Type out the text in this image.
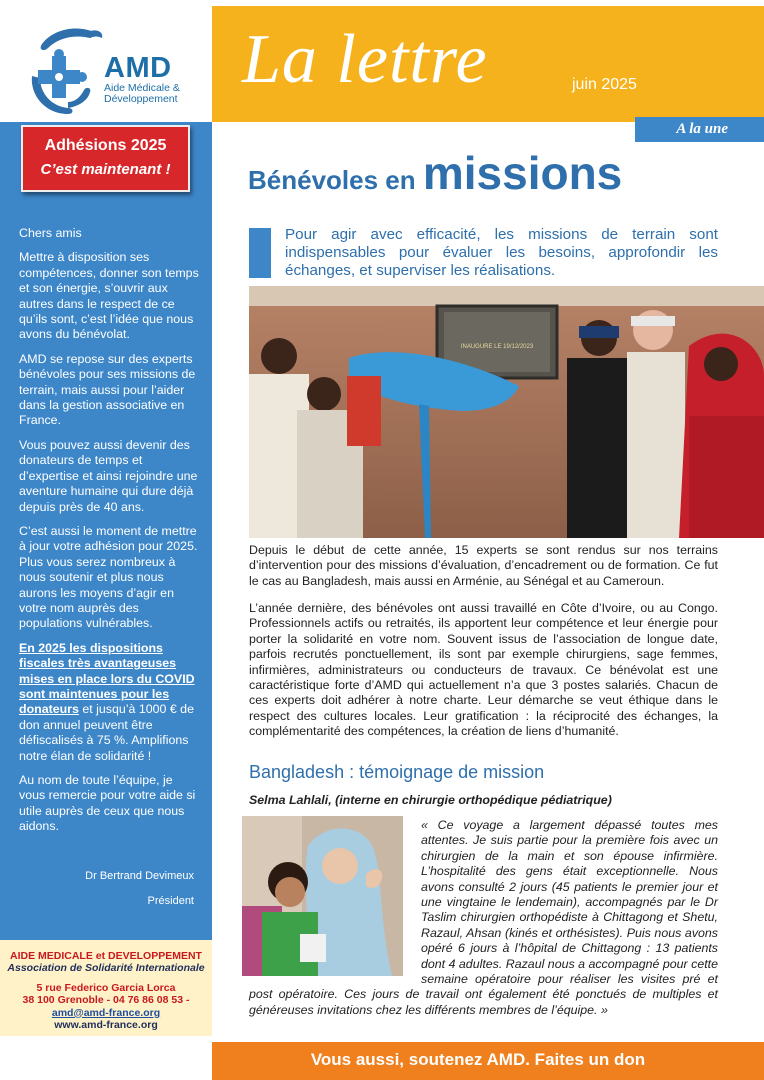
AMD
Aide Médicale &
Développement
La lettre	juin 2025
A la une
Adhésions 2025
C’est maintenant !

Chers amis

Mettre à disposition ses compétences, donner son temps et son énergie, s’ouvrir aux autres dans le respect de ce qu’ils sont, c’est l’idée que nous avons du bénévolat.

AMD se repose sur des experts bénévoles pour ses missions de terrain, mais aussi pour l’aider dans la gestion associative en France.

Vous pouvez aussi devenir des donateurs de temps et d’expertise et ainsi rejoindre une aventure humaine qui dure déjà depuis près de 40 ans.

C’est aussi le moment de mettre à jour votre adhésion pour 2025. Plus vous serez nombreux à nous soutenir et plus nous aurons les moyens d’agir en votre nom auprès des populations vulnérables.

En 2025 les dispositions fiscales très avantageuses mises en place lors du COVID sont maintenues pour les donateurs et jusqu’à 1000 € de don annuel peuvent être défiscalisés à 75 %. Amplifions notre élan de solidarité !

Au nom de toute l’équipe, je vous remercie pour votre aide si utile auprès de ceux que nous aidons.

Dr Bertrand Devimeux
Président
AIDE MEDICALE et DEVELOPPEMENT
Association de Solidarité Internationale
5 rue Federico Garcia Lorca
38 100 Grenoble - 04 76 86 08 53 -
amd@amd-france.org
www.amd-france.org
Bénévoles en missions
Pour agir avec efficacité, les missions de terrain sont indispensables pour évaluer les besoins, approfondir les échanges, et superviser les réalisations.
INAUGURE LE 19/12/2023
Depuis le début de cette année, 15 experts se sont rendus sur nos terrains d’intervention pour des missions d’évaluation, d’encadrement ou de formation. Ce fut le cas au Bangladesh, mais aussi en Arménie, au Sénégal et au Cameroun.
L’année dernière, des bénévoles ont aussi travaillé en Côte d’Ivoire, ou au Congo. Professionnels actifs ou retraités, ils apportent leur compétence et leur énergie pour porter la solidarité en votre nom. Souvent issus de l’association de longue date, parfois recrutés ponctuellement, ils sont par exemple chirurgiens, sage femmes, infirmières, administrateurs ou conducteurs de travaux. Ce bénévolat est une caractéristique forte d’AMD qui actuellement n’a que 3 postes salariés. Chacun de ces experts doit adhérer à notre charte. Leur démarche se veut éthique dans le respect des cultures locales. Leur gratification : la réciprocité des échanges, la complémentarité des compétences, la création de liens d’humanité.
Bangladesh : témoignage de mission
Selma Lahlali, (interne en chirurgie orthopédique pédiatrique)
« Ce voyage a largement dépassé toutes mes attentes. Je suis partie pour la première fois avec un chirurgien de la main et son épouse infirmière. L’hospitalité des gens était exceptionnelle. Nous avons consulté 2 jours (45 patients le premier jour et une vingtaine le lendemain), accompagnés par le Dr Taslim chirurgien orthopédiste à Chittagong et Shetu, Razaul, Ahsan (kinés et orthésistes). Puis nous avons opéré 6 jours à l’hôpital de Chittagong : 13 patients dont 4 adultes. Razaul nous a accompagné pour cette semaine opératoire pour réaliser les visites pré et post opératoire. Ces jours de travail ont également été ponctués de multiples et généreuses invitations chez les différents membres de l’équipe. »
Vous aussi, soutenez AMD. Faites un don
